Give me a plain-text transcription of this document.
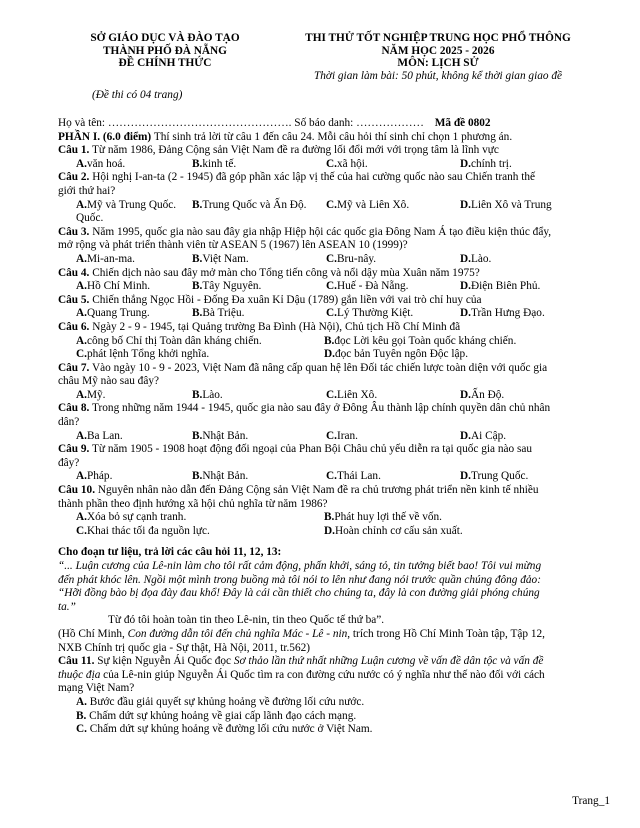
SỞ GIÁO DỤC VÀ ĐÀO TẠO
THÀNH PHỐ ĐÀ NẴNG
ĐỀ CHÍNH THỨC
THI THỬ TỐT NGHIỆP TRUNG HỌC PHỔ THÔNG
NĂM HỌC 2025 - 2026
MÔN: LỊCH SỬ
Thời gian làm bài: 50 phút, không kể thời gian giao đề
(Đề thi có 04 trang)
Họ và tên: …………………………………………. Số báo danh: ……………… Mã đề 0802
PHẦN I. (6.0 điểm) Thí sinh trả lời từ câu 1 đến câu 24. Mỗi câu hỏi thí sinh chỉ chọn 1 phương án.
Câu 1. Từ năm 1986, Đảng Cộng sản Việt Nam đề ra đường lối đổi mới với trọng tâm là lĩnh vực
A.văn hoá.	B.kinh tế.	C.xã hội.	D.chính trị.
Câu 2. Hội nghị I-an-ta (2 - 1945) đã góp phần xác lập vị thế của hai cường quốc nào sau Chiến tranh thế
giới thứ hai?
A.Mỹ và Trung Quốc.	B.Trung Quốc và Ấn Độ.	C.Mỹ và Liên Xô.	D.Liên Xô và Trung
Quốc.
Câu 3. Năm 1995, quốc gia nào sau đây gia nhập Hiệp hội các quốc gia Đông Nam Á tạo điều kiện thúc đẩy,
mở rộng và phát triển thành viên từ ASEAN 5 (1967) lên ASEAN 10 (1999)?
A.Mi-an-ma.	B.Việt Nam.	C.Bru-nây.	D.Lào.
Câu 4. Chiến dịch nào sau đây mở màn cho Tổng tiến công và nổi dậy mùa Xuân năm 1975?
A.Hồ Chí Minh.	B.Tây Nguyên.	C.Huế - Đà Nẵng.	D.Điện Biên Phủ.
Câu 5. Chiến thắng Ngọc Hồi - Đống Đa xuân Kỉ Dậu (1789) gắn liền với vai trò chỉ huy của
A.Quang Trung.	B.Bà Triệu.	C.Lý Thường Kiệt.	D.Trần Hưng Đạo.
Câu 6. Ngày 2 - 9 - 1945, tại Quảng trường Ba Đình (Hà Nội), Chủ tịch Hồ Chí Minh đã
A.công bố Chỉ thị Toàn dân kháng chiến.	B.đọc Lời kêu gọi Toàn quốc kháng chiến.
C.phát lệnh Tổng khởi nghĩa.	D.đọc bản Tuyên ngôn Độc lập.
Câu 7. Vào ngày 10 - 9 - 2023, Việt Nam đã nâng cấp quan hệ lên Đối tác chiến lược toàn diện với quốc gia
châu Mỹ nào sau đây?
A.Mỹ.	B.Lào.	C.Liên Xô.	D.Ấn Độ.
Câu 8. Trong những năm 1944 - 1945, quốc gia nào sau đây ở Đông Âu thành lập chính quyền dân chủ nhân
dân?
A.Ba Lan.	B.Nhật Bản.	C.Iran.	D.Ai Cập.
Câu 9. Từ năm 1905 - 1908 hoạt động đối ngoại của Phan Bội Châu chủ yếu diễn ra tại quốc gia nào sau
đây?
A.Pháp.	B.Nhật Bản.	C.Thái Lan.	D.Trung Quốc.
Câu 10. Nguyên nhân nào dẫn đến Đảng Cộng sản Việt Nam đề ra chủ trương phát triển nền kinh tế nhiều
thành phần theo định hướng xã hội chủ nghĩa từ năm 1986?
A.Xóa bỏ sự cạnh tranh.	B.Phát huy lợi thế về vốn.
C.Khai thác tối đa nguồn lực.	D.Hoàn chỉnh cơ cấu sản xuất.
Cho đoạn tư liệu, trả lời các câu hỏi 11, 12, 13:
“... Luận cương của Lê-nin làm cho tôi rất cảm động, phấn khởi, sáng tỏ, tin tưởng biết bao! Tôi vui mừng
đến phát khóc lên. Ngồi một mình trong buồng mà tôi nói to lên như đang nói trước quần chúng đông đảo:
“Hỡi đồng bào bị đọa đày đau khổ! Đây là cái cần thiết cho chúng ta, đây là con đường giải phóng chúng
ta.”
Từ đó tôi hoàn toàn tin theo Lê-nin, tin theo Quốc tế thứ ba”.
(Hồ Chí Minh, Con đường dẫn tôi đến chủ nghĩa Mác - Lê - nin, trích trong Hồ Chí Minh Toàn tập, Tập 12,
NXB Chính trị quốc gia - Sự thật, Hà Nội, 2011, tr.562)
Câu 11. Sự kiện Nguyễn Ái Quốc đọc Sơ thảo lần thứ nhất những Luận cương về vấn đề dân tộc và vấn đề
thuộc địa của Lê-nin giúp Nguyễn Ái Quốc tìm ra con đường cứu nước có ý nghĩa như thế nào đối với cách
mạng Việt Nam?
A. Bước đầu giải quyết sự khủng hoảng về đường lối cứu nước.
B. Chấm dứt sự khủng hoảng về giai cấp lãnh đạo cách mạng.
C. Chấm dứt sự khủng hoảng về đường lối cứu nước ở Việt Nam.
Trang_1
